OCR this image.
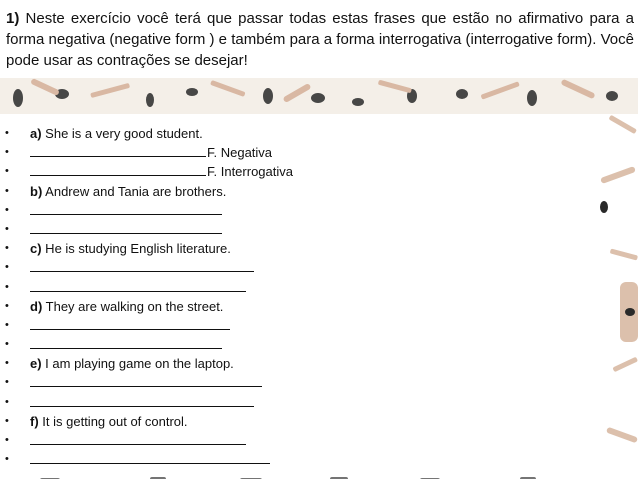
1) Neste exercício você terá que passar todas estas frases que estão no afirmativo para a forma negativa (negative form ) e também para a forma interrogativa (interrogative form). Você pode usar as contrações se desejar!
• a) She is a very good student.
•	F. Negativa
•	F. Interrogativa
• b) Andrew and Tania are brothers.
•
•
• c) He is studying English literature.
•
•
• d) They are walking on the street.
•
•
• e) I am playing game on the laptop.
•
•
• f) It is getting out of control.
•
•
